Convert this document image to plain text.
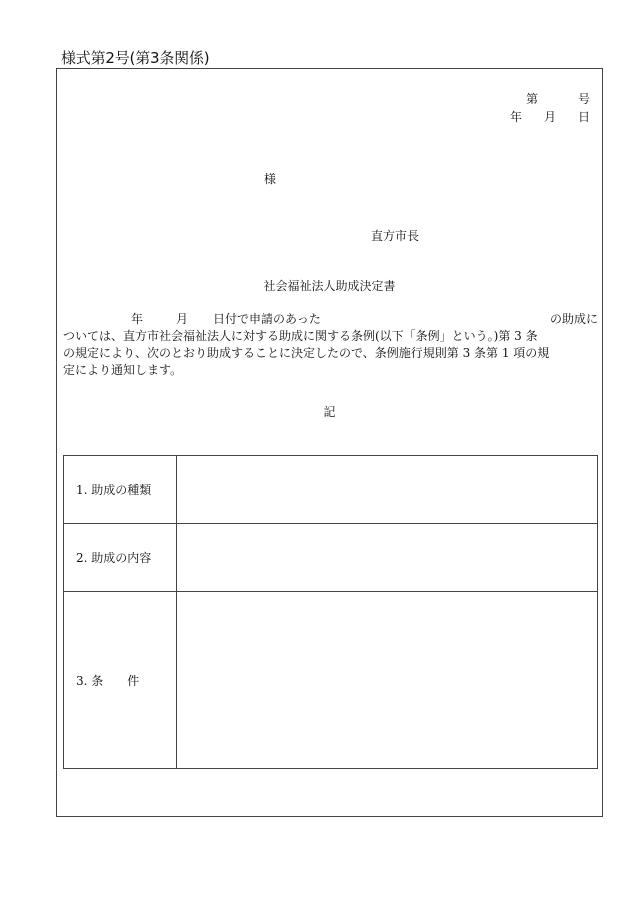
様式第2号(第3条関係)
第	号
年 月 日
様
直方市長
社会福祉法人助成決定書
年	月 日付で申請のあった	の助成に
ついては、直方市社会福祉法人に対する助成に関する条例(以下「条例」という。)第 3 条
の規定により、次のとおり助成することに決定したので、条例施行規則第 3 条第 1 項の規
定により通知します。
記
1. 助成の種類	
2. 助成の内容	
3. 条　　件	
